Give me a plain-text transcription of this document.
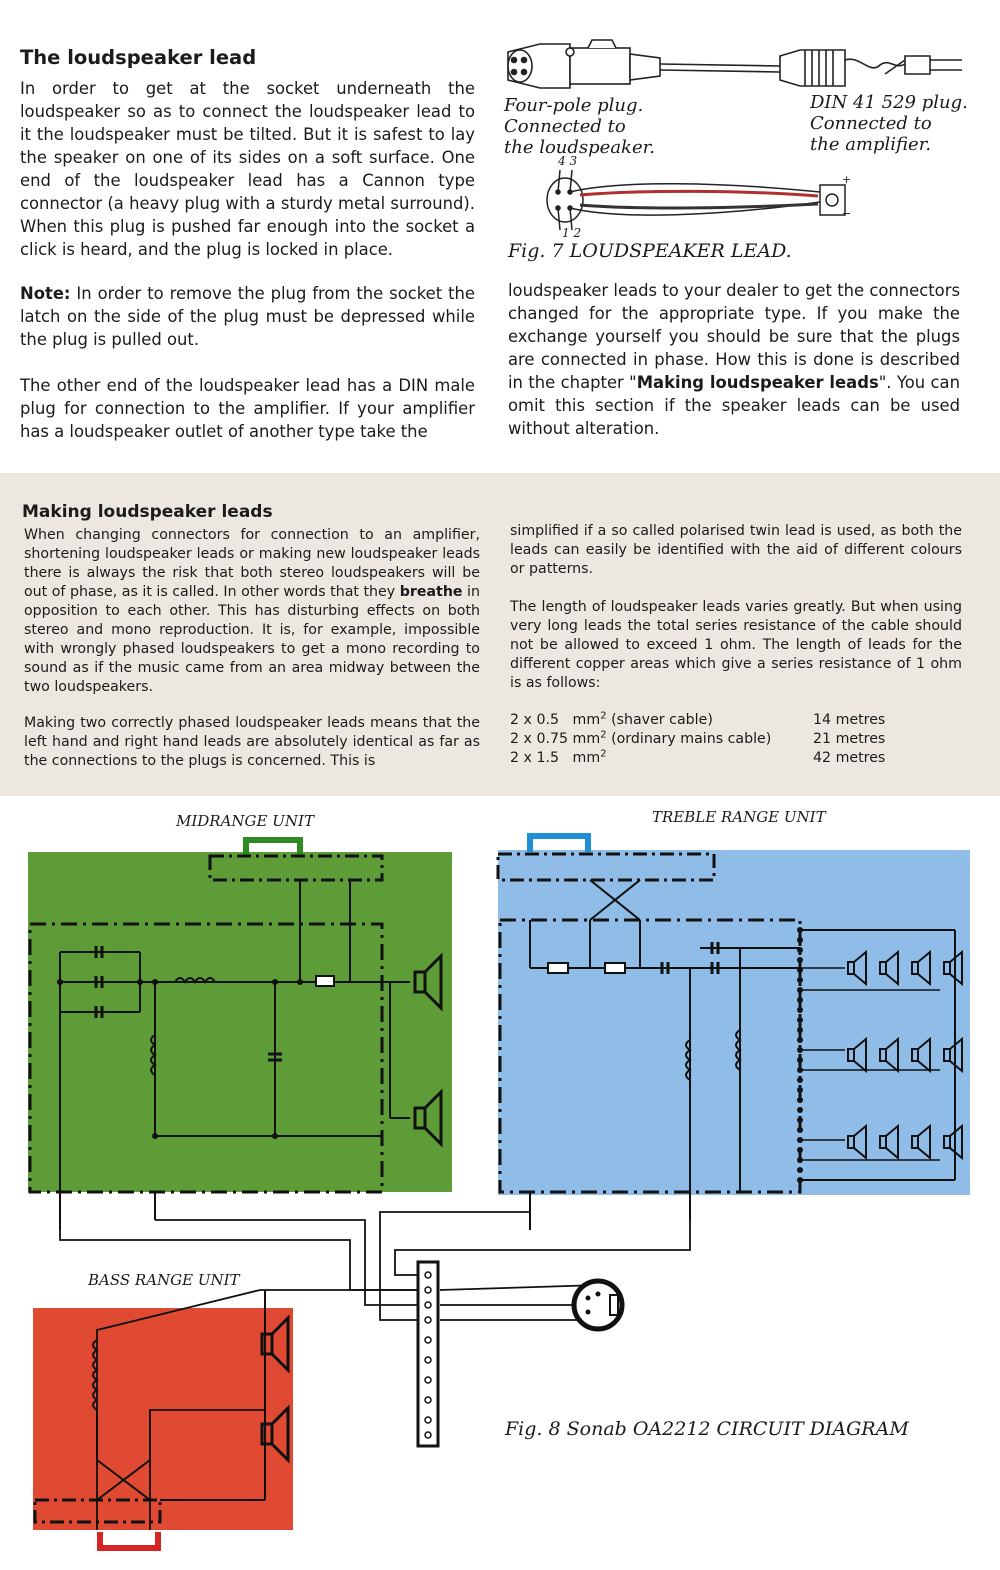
The loudspeaker lead

In order to get at the socket underneath the loudspeaker so as to connect the loudspeaker lead to it the loudspeaker must be tilted. But it is safest to lay the speaker on one of its sides on a soft surface. One end of the loudspeaker lead has a Cannon type connector (a heavy plug with a sturdy metal surround). When this plug is pushed far enough into the socket a click is heard, and the plug is locked in place.

Note: In order to remove the plug from the socket the latch on the side of the plug must be depressed while the plug is pulled out.

The other end of the loudspeaker lead has a DIN male plug for connection to the amplifier. If your amplifier has a loudspeaker outlet of another type take the

loudspeaker leads to your dealer to get the connectors changed for the appropriate type. If you make the exchange yourself you should be sure that the plugs are connected in phase. How this is done is described in the chapter "Making loudspeaker leads". You can omit this section if the speaker leads can be used without alteration.

Four-pole plug.
Connected to
the loudspeaker.
DIN 41 529 plug.
Connected to
the amplifier.
4 3
1 2
+
−
Fig. 7 LOUDSPEAKER LEAD.
Making loudspeaker leads

When changing connectors for connection to an amplifier, shortening loudspeaker leads or making new loudspeaker leads there is always the risk that both stereo loudspeakers will be out of phase, as it is called. In other words that they breathe in opposition to each other. This has disturbing effects on both stereo and mono reproduction. It is, for example, impossible with wrongly phased loudspeakers to get a mono recording to sound as if the music came from an area midway between the two loudspeakers.

Making two correctly phased loudspeaker leads means that the left hand and right hand leads are absolutely identical as far as the connections to the plugs is concerned. This is

simplified if a so called polarised twin lead is used, as both the leads can easily be identified with the aid of different colours or patterns.

The length of loudspeaker leads varies greatly. But when using very long leads the total series resistance of the cable should not be allowed to exceed 1 ohm. The length of leads for the different copper areas which give a series resistance of 1 ohm is as follows:

2 x 0.5   $mm^2$ (shaver cable)	14 metres
2 x 0.75 $mm^2$ (ordinary mains cable)	21 metres
2 x 1.5   $mm^2$	42 metres
MIDRANGE UNIT	TREBLE RANGE UNIT
BASS RANGE UNIT
Fig. 8 Sonab OA2212 CIRCUIT DIAGRAM
